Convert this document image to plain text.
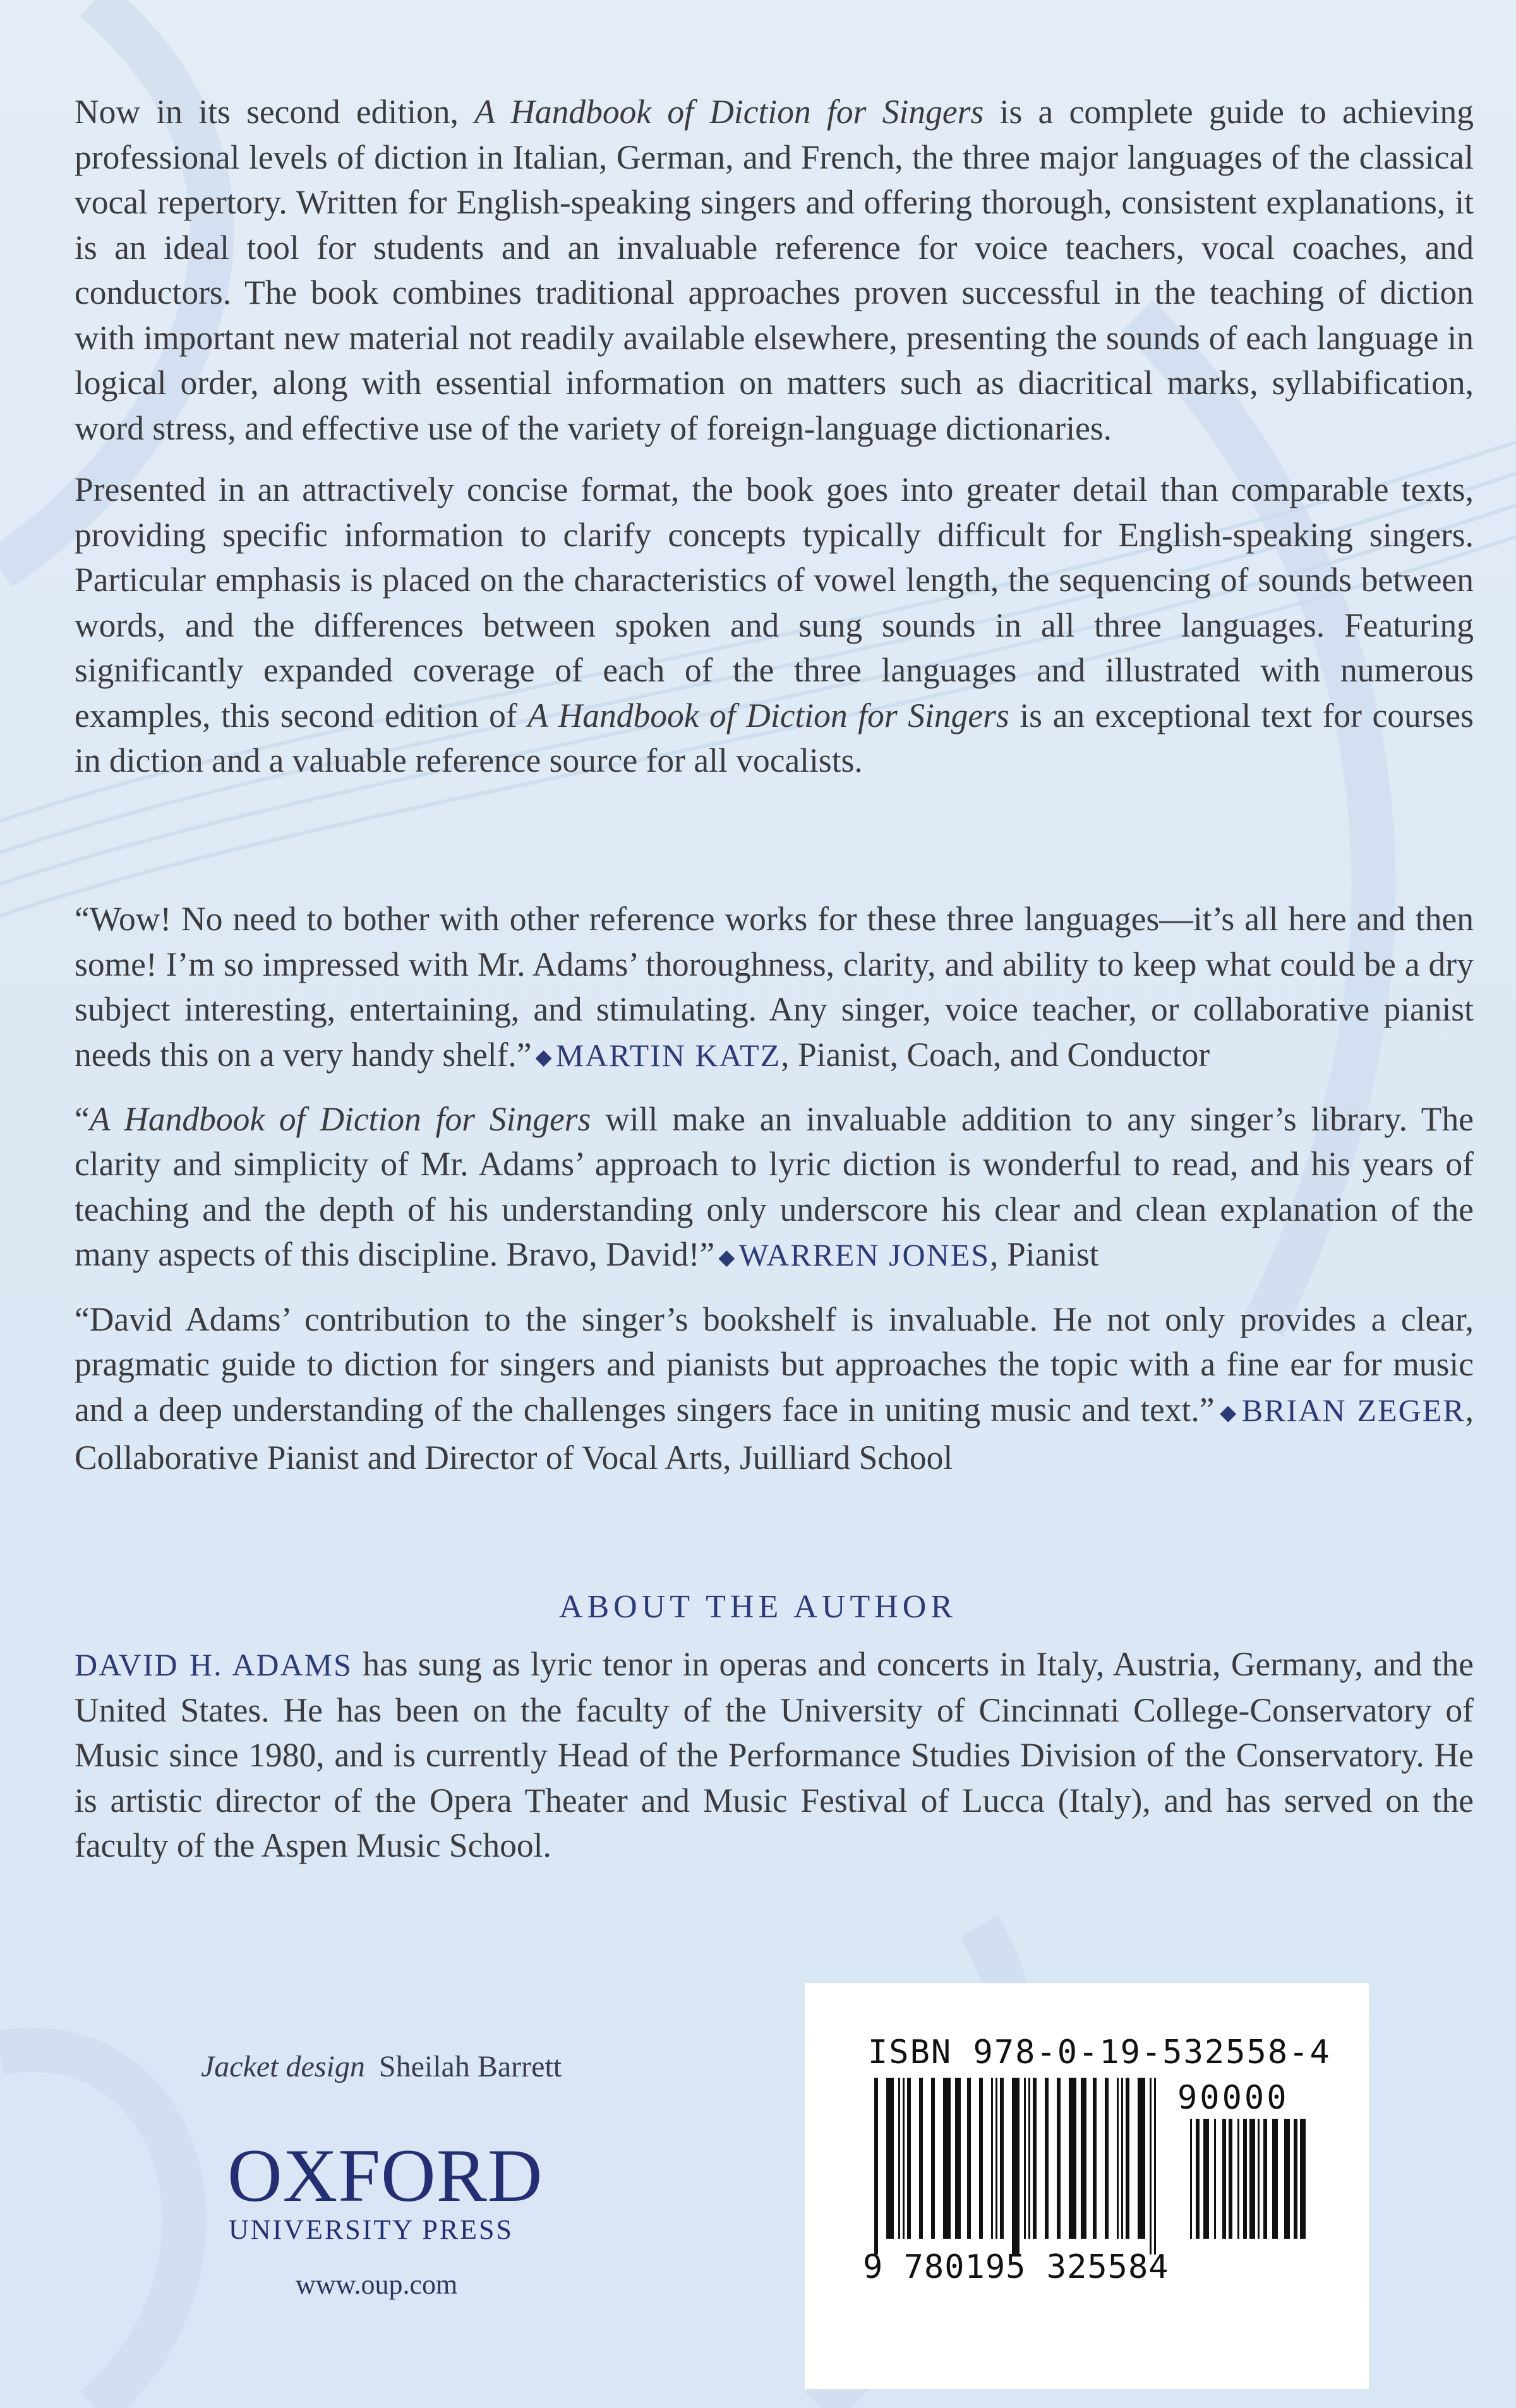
Now in its second edition, A Handbook of Diction for Singers is a complete guide to achieving professional levels of diction in Italian, German, and French, the three major languages of the classical vocal repertory. Written for English-speaking singers and offering thorough, consistent explanations, it is an ideal tool for students and an invaluable reference for voice teachers, vocal coaches, and conductors. The book combines traditional approaches proven successful in the teaching of diction with important new material not readily available elsewhere, presenting the sounds of each language in logical order, along with essential information on matters such as diacritical marks, syllabification, word stress, and effective use of the variety of foreign-language dictionaries.

Presented in an attractively concise format, the book goes into greater detail than comparable texts, providing specific information to clarify concepts typically difficult for English-speaking singers. Particular emphasis is placed on the characteristics of vowel length, the sequencing of sounds between words, and the differences between spoken and sung sounds in all three languages. Featuring significantly expanded coverage of each of the three languages and illustrated with numerous examples, this second edition of A Handbook of Diction for Singers is an exceptional text for courses in diction and a valuable reference source for all vocalists.

“Wow! No need to bother with other reference works for these three languages—it’s all here and then some! I’m so impressed with Mr. Adams’ thoroughness, clarity, and ability to keep what could be a dry subject interesting, entertaining, and stimulating. Any singer, voice teacher, or collaborative pianist needs this on a very handy shelf.” ◆ MARTIN KATZ, Pianist, Coach, and Conductor

“A Handbook of Diction for Singers will make an invaluable addition to any singer’s library. The clarity and simplicity of Mr. Adams’ approach to lyric diction is wonderful to read, and his years of teaching and the depth of his understanding only underscore his clear and clean explanation of the many aspects of this discipline. Bravo, David!” ◆ WARREN JONES, Pianist

“David Adams’ contribution to the singer’s bookshelf is invaluable. He not only provides a clear, pragmatic guide to diction for singers and pianists but approaches the topic with a fine ear for music and a deep understanding of the challenges singers face in uniting music and text.” ◆ BRIAN ZEGER, Collaborative Pianist and Director of Vocal Arts, Juilliard School

ABOUT THE AUTHOR

DAVID H. ADAMS has sung as lyric tenor in operas and concerts in Italy, Austria, Germany, and the United States. He has been on the faculty of the University of Cincinnati College-Conservatory of Music since 1980, and is currently Head of the Performance Studies Division of the Conservatory. He is artistic director of the Opera Theater and Music Festival of Lucca (Italy), and has served on the faculty of the Aspen Music School.

Jacket design Sheilah Barrett
OXFORD
UNIVERSITY PRESS
www.oup.com
ISBN 978-0-19-532558-4
90000
9 780195 325584
